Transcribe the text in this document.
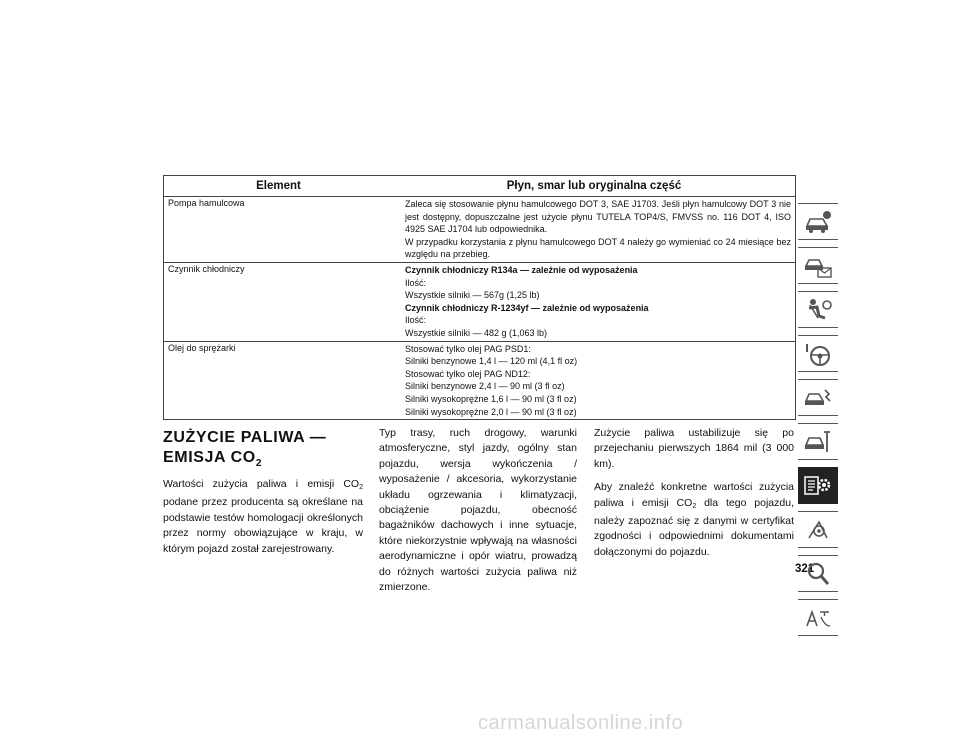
Element	Płyn, smar lub oryginalna część
Pompa hamulcowa	Zaleca się stosowanie płynu hamulcowego DOT 3, SAE J1703. Jeśli płyn hamulcowy DOT 3 nie jest dostępny, dopuszczalne jest użycie płynu TUTELA TOP4/S, FMVSS no. 116 DOT 4, ISO 4925 SAE J1704 lub odpowiednika.
W przypadku korzystania z płynu hamulcowego DOT 4 należy go wymieniać co 24 miesiące bez względu na przebieg.
Czynnik chłodniczy	Czynnik chłodniczy R134a — zależnie od wyposażenia
Ilość:
Wszystkie silniki — 567g (1,25 lb)
Czynnik chłodniczy R-1234yf — zależnie od wyposażenia
Ilość:
Wszystkie silniki — 482 g (1,063 lb)
Olej do sprężarki	Stosować tylko olej PAG PSD1:
Silniki benzynowe 1,4 l — 120 ml (4,1 fl oz)
Stosować tylko olej PAG ND12:
Silniki benzynowe 2,4 l — 90 ml (3 fl oz)
Silniki wysokoprężne 1,6 l — 90 ml (3 fl oz)
Silniki wysokoprężne 2,0 l — 90 ml (3 fl oz)
ZUŻYCIE PALIWA — EMISJA $CO_2$

Wartości zużycia paliwa i emisji $CO_2$ podane przez producenta są określane na podstawie testów homologacji określonych przez normy obowiązujące w kraju, w którym pojazd został zarejestrowany.

Typ trasy, ruch drogowy, warunki atmosferyczne, styl jazdy, ogólny stan pojazdu, wersja wykończenia / wyposażenie / akcesoria, wykorzystanie układu ogrzewania i klimatyzacji, obciążenie pojazdu, obecność bagażników dachowych i inne sytuacje, które niekorzystnie wpływają na własności aerodynamiczne i opór wiatru, prowadzą do różnych wartości zużycia paliwa niż zmierzone.

Zużycie paliwa ustabilizuje się po przejechaniu pierwszych 1864 mil (3 000 km).

Aby znaleźć konkretne wartości zużycia paliwa i emisji $CO_2$ dla tego pojazdu, należy zapoznać się z danymi w certyfikat zgodności i odpowiednimi dokumentami dołączonymi do pojazdu.

321
carmanualsonline.info
